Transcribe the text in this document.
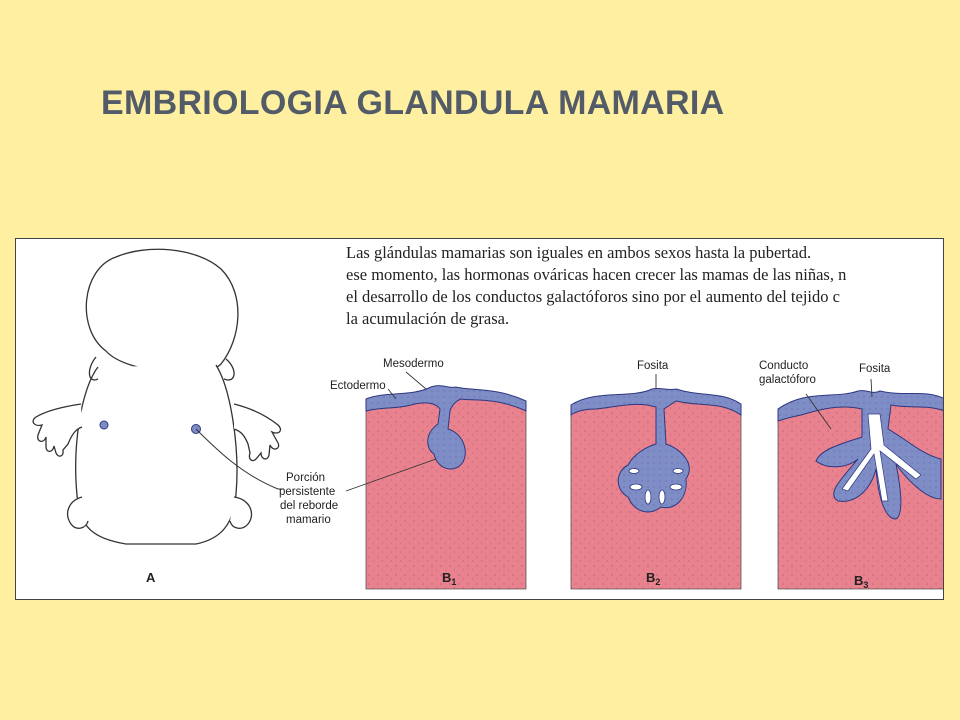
EMBRIOLOGIA GLANDULA MAMARIA
Mesodermo
Ectodermo
Fosita	Fosita
Conducto
galactóforo
Porción
persistente
del reborde
mamario
A	$B_1$	$B_2$	$B_3$
Las glándulas mamarias son iguales en ambos sexos hasta la pubertad.
ese momento, las hormonas ováricas hacen crecer las mamas de las niñas, n
el desarrollo de los conductos galactóforos sino por el aumento del tejido c
la acumulación de grasa.
